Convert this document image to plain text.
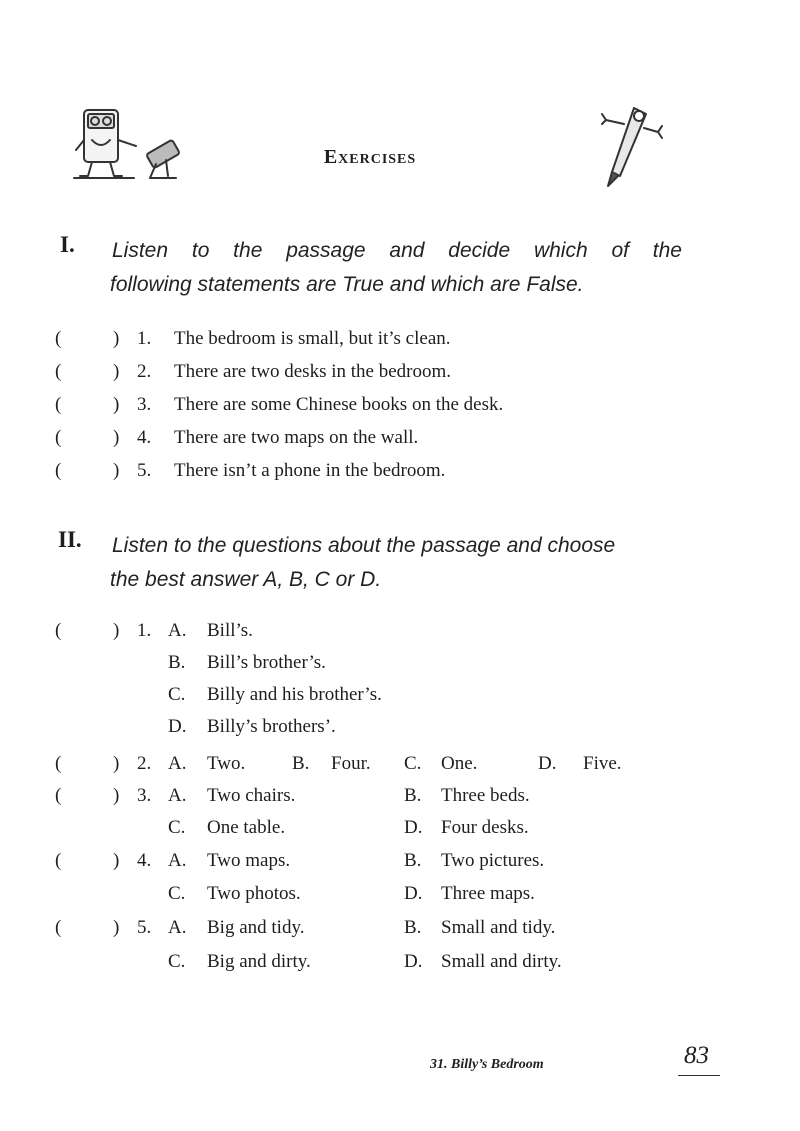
Exercises
I. Listen to the passage and decide which of the
following statements are True and which are False.
(	) 1. The bedroom is small, but it’s clean.
(	) 2. There are two desks in the bedroom.
(	) 3. There are some Chinese books on the desk.
(	) 4. There are two maps on the wall.
(	) 5. There isn’t a phone in the bedroom.
II. Listen to the questions about the passage and choose
the best answer A, B, C or D.
(	) 1. A. Bill’s.
B. Bill’s brother’s.
C. Billy and his brother’s.
D. Billy’s brothers’.
(	) 2. A. Two. B. Four. C. One.	D. Five.
(	) 3. A. Two chairs.	B. Three beds.
C. One table.	D. Four desks.
(	) 4. A. Two maps.	B. Two pictures.
C. Two photos.	D. Three maps.
(	) 5. A. Big and tidy.	B. Small and tidy.
C. Big and dirty.	D. Small and dirty.
31. Billy’s Bedroom	83
